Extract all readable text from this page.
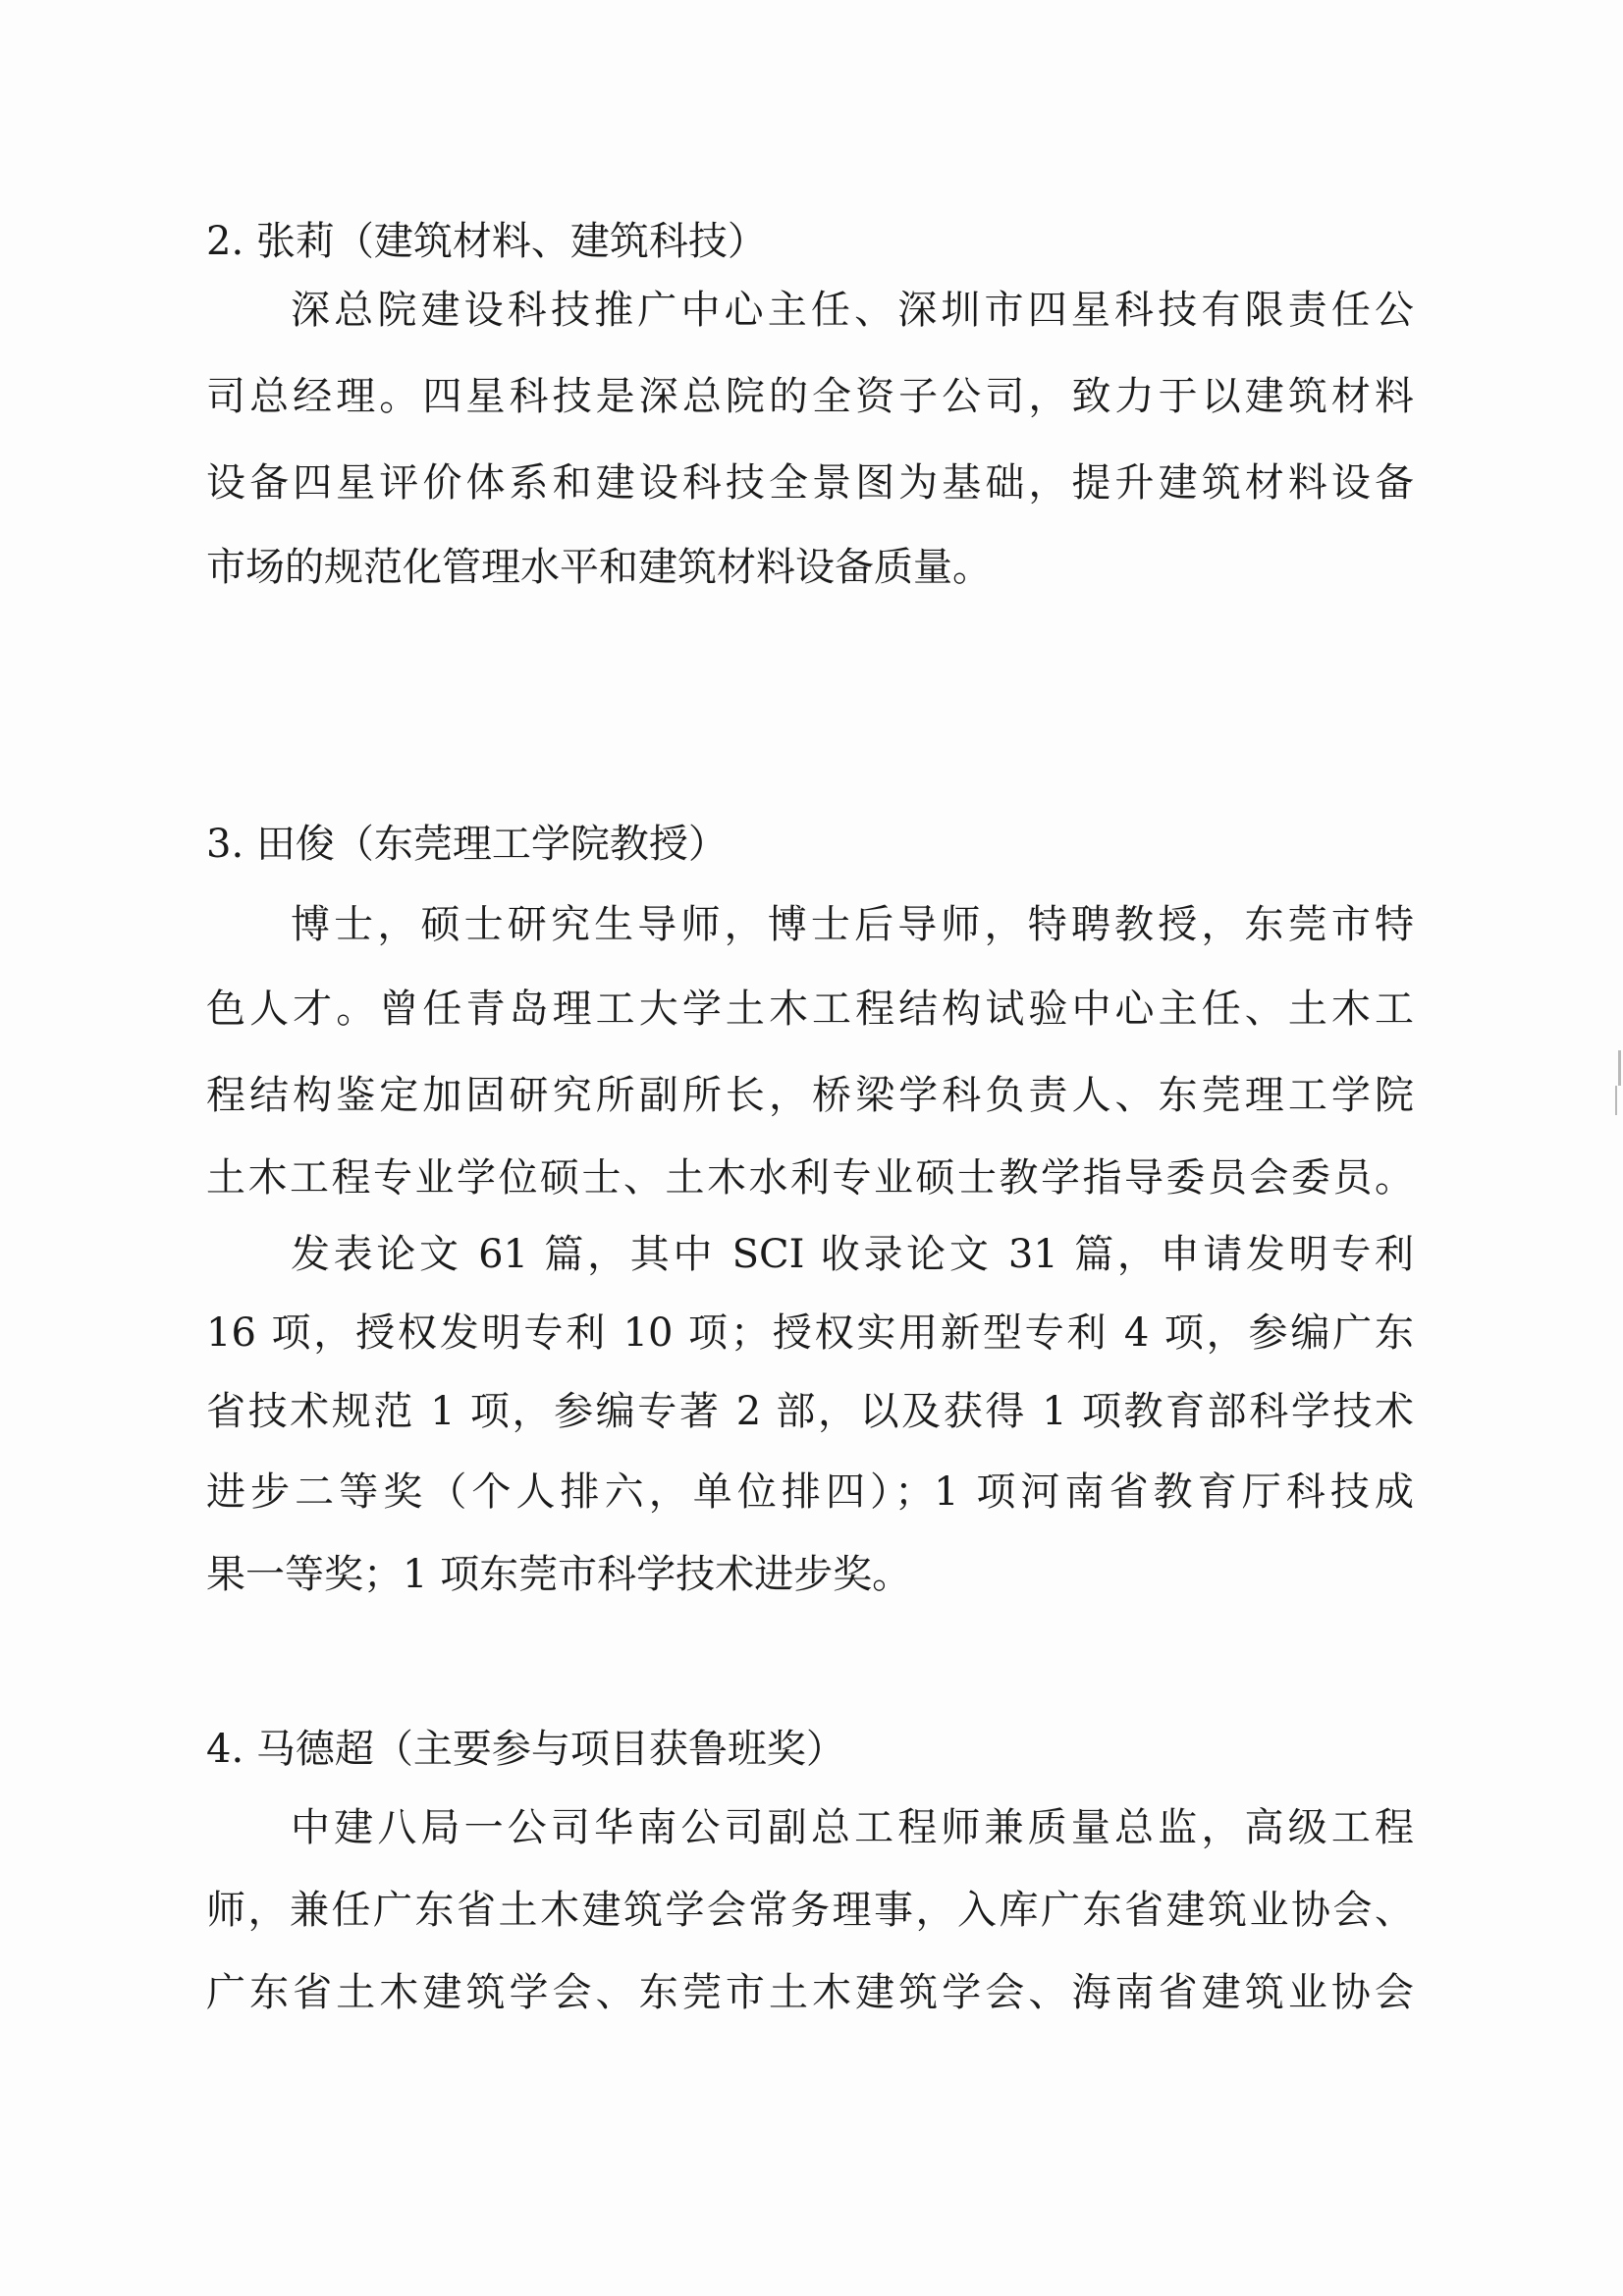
2. 张莉（建筑材料、建筑科技）
深总院建设科技推广中心主任、深圳市四星科技有限责任公
司总经理。四星科技是深总院的全资子公司，致力于以建筑材料
设备四星评价体系和建设科技全景图为基础，提升建筑材料设备
市场的规范化管理水平和建筑材料设备质量。
3. 田俊（东莞理工学院教授）
博士，硕士研究生导师，博士后导师，特聘教授，东莞市特
色人才。曾任青岛理工大学土木工程结构试验中心主任、土木工
程结构鉴定加固研究所副所长，桥梁学科负责人、东莞理工学院
土木工程专业学位硕士、土木水利专业硕士教学指导委员会委员。
发表论文 61 篇，其中 SCI 收录论文 31 篇，申请发明专利
16 项，授权发明专利 10 项；授权实用新型专利 4 项，参编广东
省技术规范 1 项，参编专著 2 部，以及获得 1 项教育部科学技术
进步二等奖（个人排六，单位排四）；1 项河南省教育厅科技成
果一等奖；1 项东莞市科学技术进步奖。
4. 马德超（主要参与项目获鲁班奖）
中建八局一公司华南公司副总工程师兼质量总监，高级工程
师，兼任广东省土木建筑学会常务理事，入库广东省建筑业协会、
广东省土木建筑学会、东莞市土木建筑学会、海南省建筑业协会
